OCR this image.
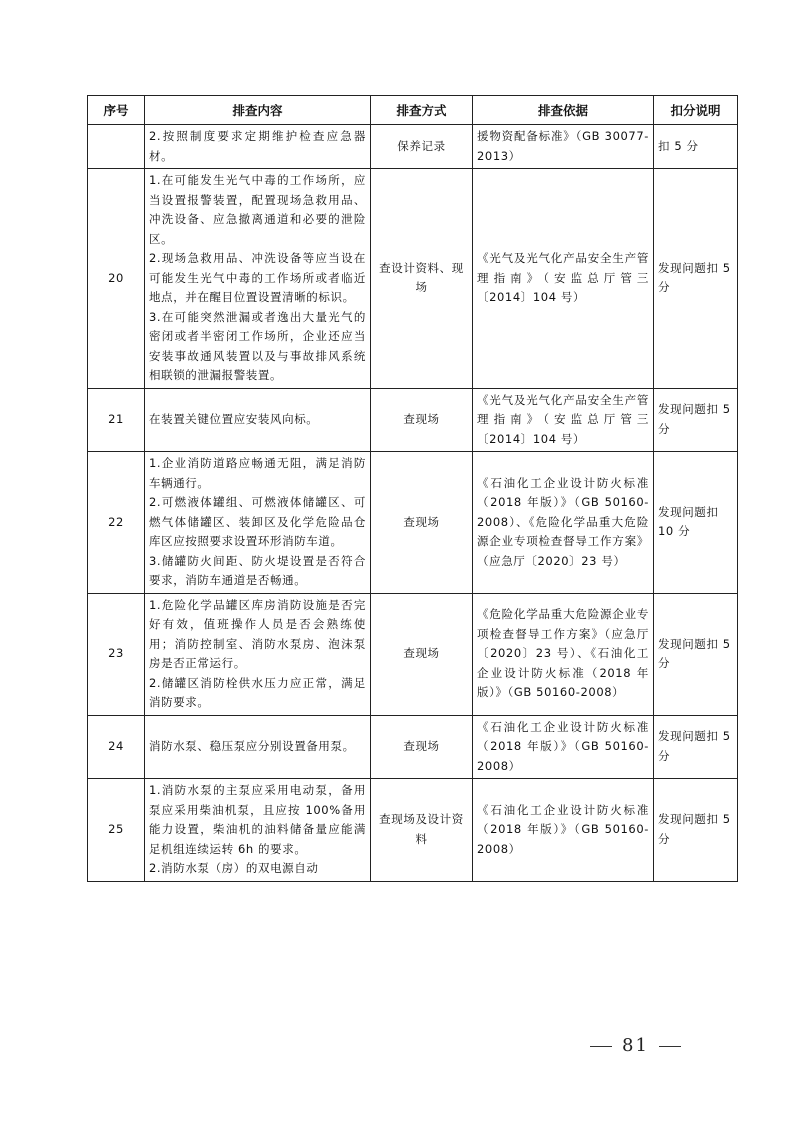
序号	排查内容	排查方式	排查依据	扣分说明

	2.按照制度要求定期维护检查应急器材。	保养记录	援物资配备标准》（GB 30077-2013）	扣 5 分

20	1.在可能发生光气中毒的工作场所，应当设置报警装置，配置现场急救用品、冲洗设备、应急撤离通道和必要的泄险区。
2.现场急救用品、冲洗设备等应当设在可能发生光气中毒的工作场所或者临近地点，并在醒目位置设置清晰的标识。
3.在可能突然泄漏或者逸出大量光气的密闭或者半密闭工作场所，企业还应当安装事故通风装置以及与事故排风系统相联锁的泄漏报警装置。	查设计资料、现场	《光气及光气化产品安全生产管理指南》（安监总厅管三〔2014〕104 号）	发现问题扣 5 分

21	在装置关键位置应安装风向标。	查现场	《光气及光气化产品安全生产管理指南》（安监总厅管三〔2014〕104 号）	发现问题扣 5 分

22	1.企业消防道路应畅通无阻，满足消防车辆通行。
2.可燃液体罐组、可燃液体储罐区、可燃气体储罐区、装卸区及化学危险品仓库区应按照要求设置环形消防车道。
3.储罐防火间距、防火堤设置是否符合要求，消防车通道是否畅通。	查现场	《石油化工企业设计防火标准（2018 年版）》（GB 50160-2008）、《危险化学品重大危险源企业专项检查督导工作方案》（应急厅〔2020〕23 号）	发现问题扣 10 分

23	1.危险化学品罐区库房消防设施是否完好有效，值班操作人员是否会熟练使用；消防控制室、消防水泵房、泡沫泵房是否正常运行。
2.储罐区消防栓供水压力应正常，满足消防要求。	查现场	《危险化学品重大危险源企业专项检查督导工作方案》（应急厅〔2020〕23 号）、《石油化工企业设计防火标准（2018 年版）》（GB 50160-2008）	发现问题扣 5 分

24	消防水泵、稳压泵应分别设置备用泵。	查现场	《石油化工企业设计防火标准（2018 年版）》（GB 50160-2008）	发现问题扣 5 分

25	1.消防水泵的主泵应采用电动泵，备用泵应采用柴油机泵，且应按 100%备用能力设置，柴油机的油料储备量应能满足机组连续运转 6h 的要求。
2.消防水泵（房）的双电源自动	查现场及设计资料	《石油化工企业设计防火标准（2018 年版）》（GB 50160-2008）	发现问题扣 5 分
81
